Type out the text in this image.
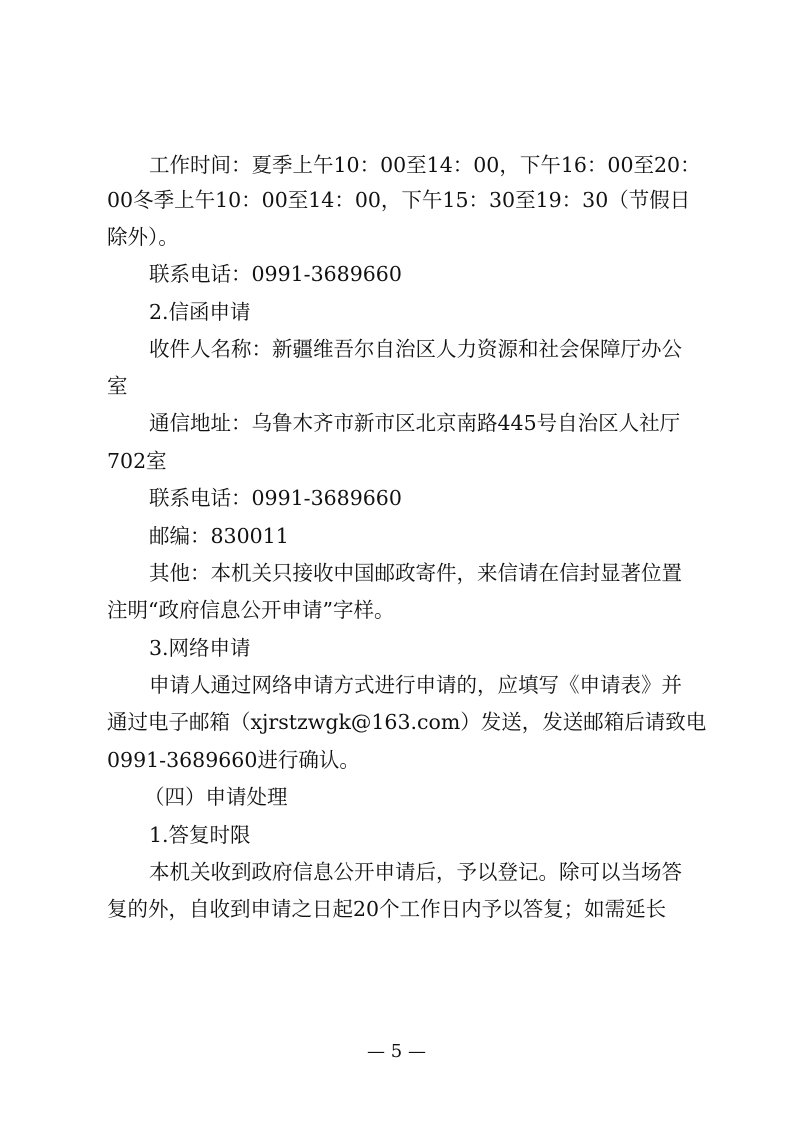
工作时间：夏季上午10：00至14：00，下午16：00至20：
00冬季上午10：00至14：00，下午15：30至19：30（节假日
除外）。
联系电话：0991-3689660
2.信函申请
收件人名称：新疆维吾尔自治区人力资源和社会保障厅办公
室
通信地址：乌鲁木齐市新市区北京南路445号自治区人社厅
702室
联系电话：0991-3689660
邮编：830011
其他：本机关只接收中国邮政寄件，来信请在信封显著位置
注明“政府信息公开申请”字样。
3.网络申请
申请人通过网络申请方式进行申请的，应填写《申请表》并
通过电子邮箱（xjrstzwgk@163.com）发送，发送邮箱后请致电
0991-3689660进行确认。
（四）申请处理
1.答复时限
本机关收到政府信息公开申请后，予以登记。除可以当场答
复的外，自收到申请之日起20个工作日内予以答复；如需延长
— 5 —
